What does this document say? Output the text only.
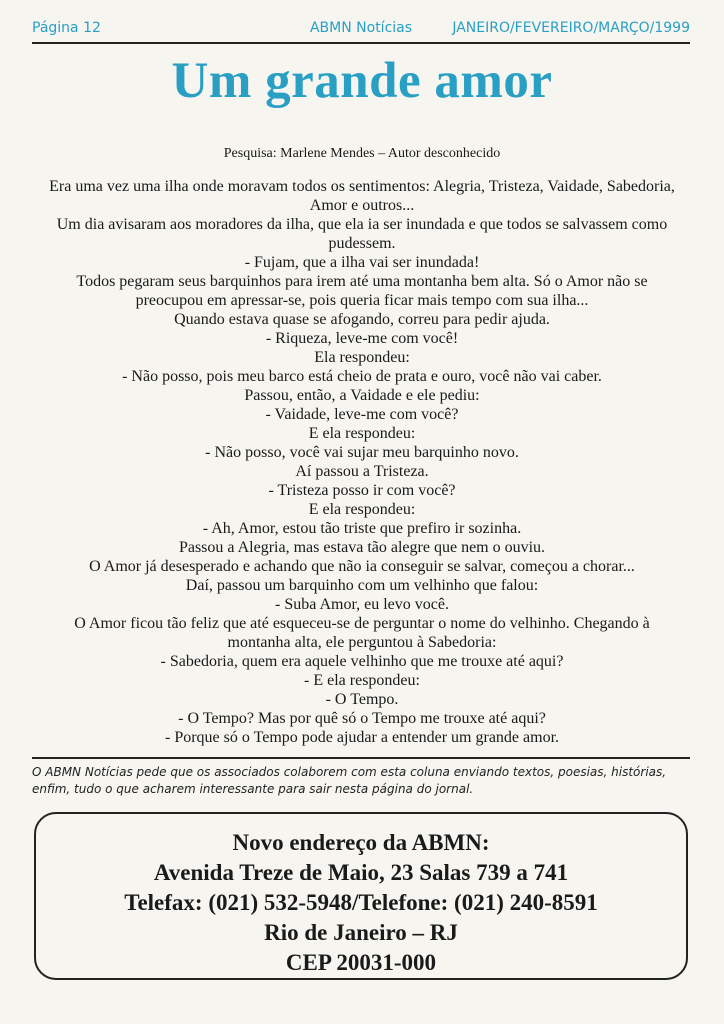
Página 12	ABMN Notícias	JANEIRO/FEVEREIRO/MARÇO/1999
Um grande amor
Pesquisa: Marlene Mendes – Autor desconhecido

Era uma vez uma ilha onde moravam todos os sentimentos: Alegria, Tristeza, Vaidade, Sabedoria, Amor e outros...

Um dia avisaram aos moradores da ilha, que ela ia ser inundada e que todos se salvassem como pudessem.

- Fujam, que a ilha vai ser inundada!

Todos pegaram seus barquinhos para irem até uma montanha bem alta. Só o Amor não se preocupou em apressar-se, pois queria ficar mais tempo com sua ilha...

Quando estava quase se afogando, correu para pedir ajuda.

- Riqueza, leve-me com você!

Ela respondeu:

- Não posso, pois meu barco está cheio de prata e ouro, você não vai caber.

Passou, então, a Vaidade e ele pediu:

- Vaidade, leve-me com você?

E ela respondeu:

- Não posso, você vai sujar meu barquinho novo.

Aí passou a Tristeza.

- Tristeza posso ir com você?

E ela respondeu:

- Ah, Amor, estou tão triste que prefiro ir sozinha.

Passou a Alegria, mas estava tão alegre que nem o ouviu.

O Amor já desesperado e achando que não ia conseguir se salvar, começou a chorar...

Daí, passou um barquinho com um velhinho que falou:

- Suba Amor, eu levo você.

O Amor ficou tão feliz que até esqueceu-se de perguntar o nome do velhinho. Chegando à montanha alta, ele perguntou à Sabedoria:

- Sabedoria, quem era aquele velhinho que me trouxe até aqui?

- E ela respondeu:

- O Tempo.

- O Tempo? Mas por quê só o Tempo me trouxe até aqui?

- Porque só o Tempo pode ajudar a entender um grande amor.

O ABMN Notícias pede que os associados colaborem com esta coluna enviando textos, poesias, histórias, enfim, tudo o que acharem interessante para sair nesta página do jornal.
Novo endereço da ABMN:
Avenida Treze de Maio, 23 Salas 739 a 741
Telefax: (021) 532-5948/Telefone: (021) 240-8591
Rio de Janeiro – RJ
CEP 20031-000
